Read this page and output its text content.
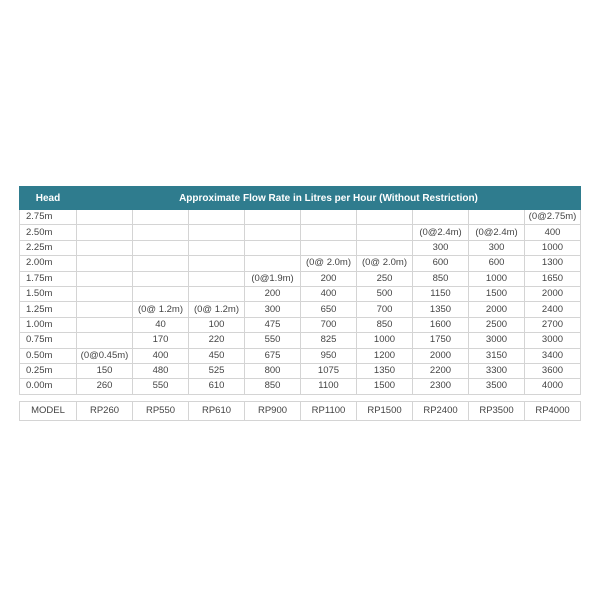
Head	Approximate Flow Rate in Litres per Hour (Without Restriction)								
2.75m									(0@2.75m)
2.50m							(0@2.4m)	(0@2.4m)	400
2.25m							300	300	1000
2.00m					(0@ 2.0m)	(0@ 2.0m)	600	600	1300
1.75m				(0@1.9m)	200	250	850	1000	1650
1.50m				200	400	500	1150	1500	2000
1.25m		(0@ 1.2m)	(0@ 1.2m)	300	650	700	1350	2000	2400
1.00m		40	100	475	700	850	1600	2500	2700
0.75m		170	220	550	825	1000	1750	3000	3000
0.50m	(0@0.45m)	400	450	675	950	1200	2000	3150	3400
0.25m	150	480	525	800	1075	1350	2200	3300	3600
0.00m	260	550	610	850	1100	1500	2300	3500	4000

MODEL	RP260	RP550	RP610	RP900	RP1100	RP1500	RP2400	RP3500	RP4000
